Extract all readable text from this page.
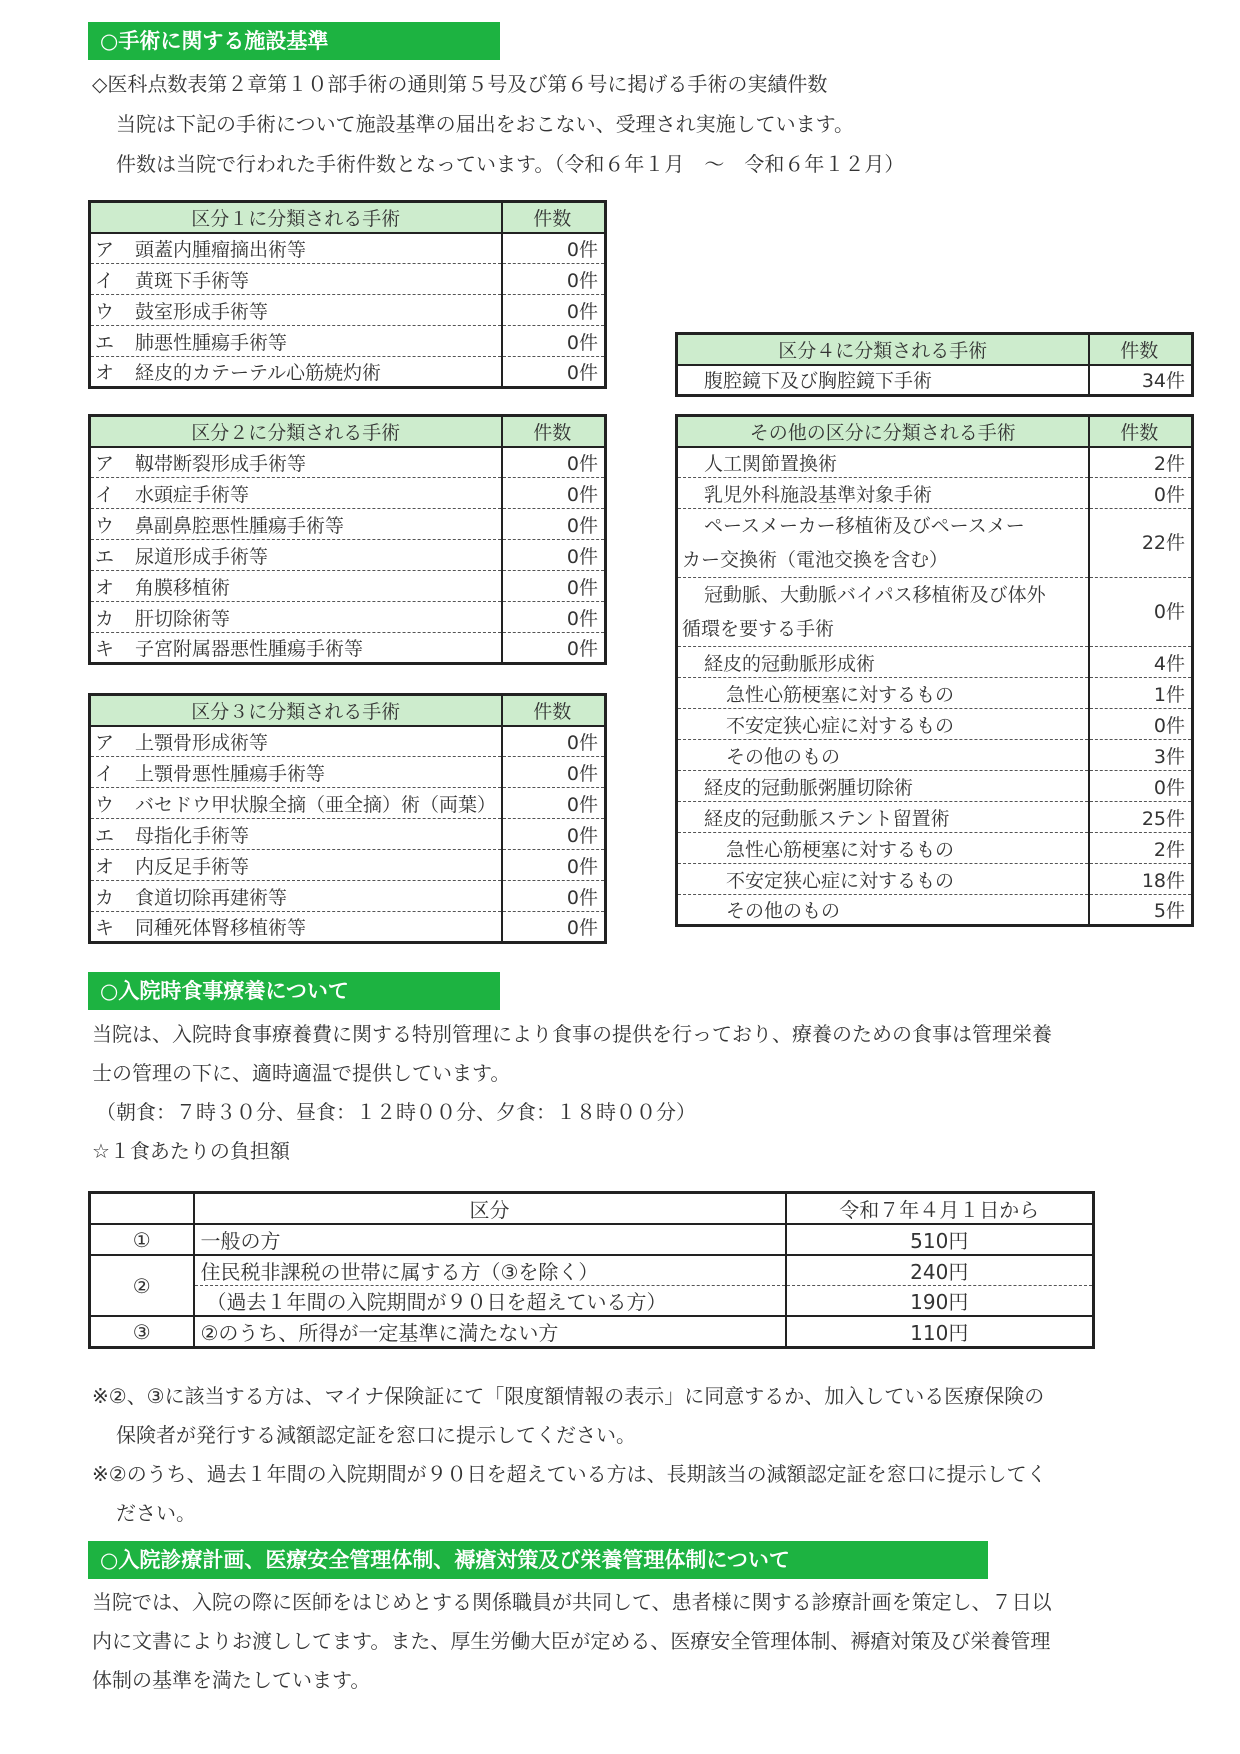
○手術に関する施設基準
◇医科点数表第２章第１０部手術の通則第５号及び第６号に掲げる手術の実績件数
当院は下記の手術について施設基準の届出をおこない、受理され実施しています。
件数は当院で行われた手術件数となっています。（令和６年１月　～　令和６年１２月）
区分１に分類される手術	件数
ア 頭蓋内腫瘤摘出術等	0件
イ 黄斑下手術等	0件
ウ 鼓室形成手術等	0件
エ 肺悪性腫瘍手術等	0件
オ 経皮的カテーテル心筋焼灼術	0件
区分２に分類される手術	件数
ア 靱帯断裂形成手術等	0件
イ 水頭症手術等	0件
ウ 鼻副鼻腔悪性腫瘍手術等	0件
エ 尿道形成手術等	0件
オ 角膜移植術	0件
カ 肝切除術等	0件
キ 子宮附属器悪性腫瘍手術等	0件
区分３に分類される手術	件数
ア 上顎骨形成術等	0件
イ 上顎骨悪性腫瘍手術等	0件
ウ バセドウ甲状腺全摘（亜全摘）術（両葉）	0件
エ 母指化手術等	0件
オ 内反足手術等	0件
カ 食道切除再建術等	0件
キ 同種死体腎移植術等	0件
区分４に分類される手術	件数
腹腔鏡下及び胸腔鏡下手術	34件
その他の区分に分類される手術	件数
人工関節置換術	2件
乳児外科施設基準対象手術	0件
ペースメーカー移植術及びペースメー
カー交換術（電池交換を含む）	22件
冠動脈、大動脈バイパス移植術及び体外
循環を要する手術	0件
経皮的冠動脈形成術	4件
急性心筋梗塞に対するもの	1件
不安定狭心症に対するもの	0件
その他のもの	3件
経皮的冠動脈粥腫切除術	0件
経皮的冠動脈ステント留置術	25件
急性心筋梗塞に対するもの	2件
不安定狭心症に対するもの	18件
その他のもの	5件
○入院時食事療養について
当院は、入院時食事療養費に関する特別管理により食事の提供を行っており、療養のための食事は管理栄養
士の管理の下に、適時適温で提供しています。
（朝食：７時３０分、昼食：１２時００分、夕食：１８時００分）
☆１食あたりの負担額
	区分	令和７年４月１日から
①	一般の方	510円
②	住民税非課税の世帯に属する方（③を除く）	240円
	（過去１年間の入院期間が９０日を超えている方）	190円
③	②のうち、所得が一定基準に満たない方	110円
※②、③に該当する方は、マイナ保険証にて「限度額情報の表示」に同意するか、加入している医療保険の
保険者が発行する減額認定証を窓口に提示してください。
※②のうち、過去１年間の入院期間が９０日を超えている方は、長期該当の減額認定証を窓口に提示してく
ださい。
○入院診療計画、医療安全管理体制、褥瘡対策及び栄養管理体制について
当院では、入院の際に医師をはじめとする関係職員が共同して、患者様に関する診療計画を策定し、７日以
内に文書によりお渡ししてます。また、厚生労働大臣が定める、医療安全管理体制、褥瘡対策及び栄養管理
体制の基準を満たしています。
